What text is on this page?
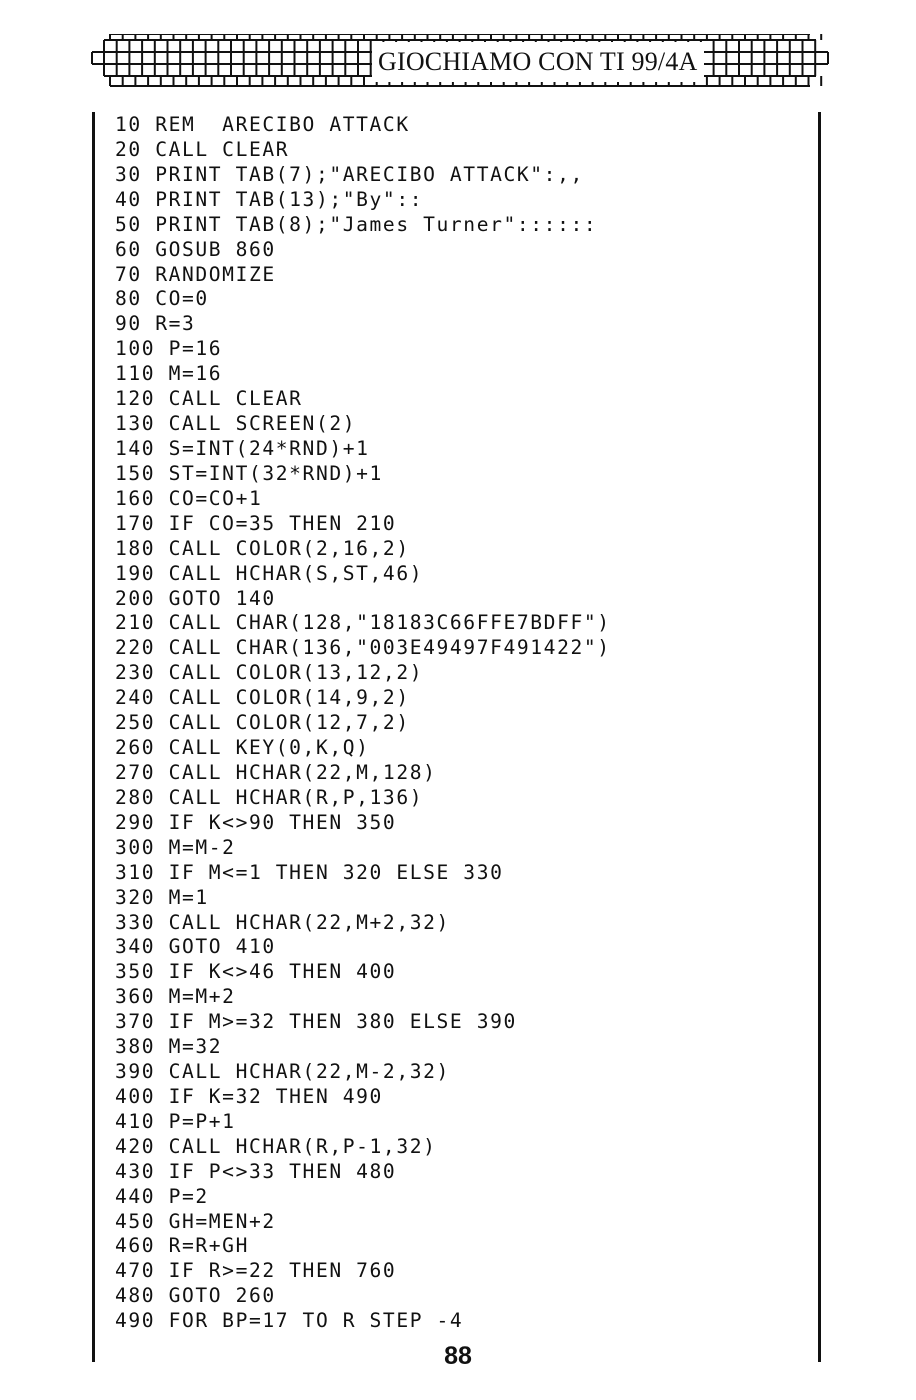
GIOCHIAMO CON TI 99/4A
10 REM  ARECIBO ATTACK
20 CALL CLEAR
30 PRINT TAB(7);"ARECIBO ATTACK":,,
40 PRINT TAB(13);"By"::
50 PRINT TAB(8);"James Turner"::::::
60 GOSUB 860
70 RANDOMIZE
80 CO=0
90 R=3
100 P=16
110 M=16
120 CALL CLEAR
130 CALL SCREEN(2)
140 S=INT(24*RND)+1
150 ST=INT(32*RND)+1
160 CO=CO+1
170 IF CO=35 THEN 210
180 CALL COLOR(2,16,2)
190 CALL HCHAR(S,ST,46)
200 GOTO 140
210 CALL CHAR(128,"18183C66FFE7BDFF")
220 CALL CHAR(136,"003E49497F491422")
230 CALL COLOR(13,12,2)
240 CALL COLOR(14,9,2)
250 CALL COLOR(12,7,2)
260 CALL KEY(0,K,Q)
270 CALL HCHAR(22,M,128)
280 CALL HCHAR(R,P,136)
290 IF K<>90 THEN 350
300 M=M-2
310 IF M<=1 THEN 320 ELSE 330
320 M=1
330 CALL HCHAR(22,M+2,32)
340 GOTO 410
350 IF K<>46 THEN 400
360 M=M+2
370 IF M>=32 THEN 380 ELSE 390
380 M=32
390 CALL HCHAR(22,M-2,32)
400 IF K=32 THEN 490
410 P=P+1
420 CALL HCHAR(R,P-1,32)
430 IF P<>33 THEN 480
440 P=2
450 GH=MEN+2
460 R=R+GH
470 IF R>=22 THEN 760
480 GOTO 260
490 FOR BP=17 TO R STEP -4
88
